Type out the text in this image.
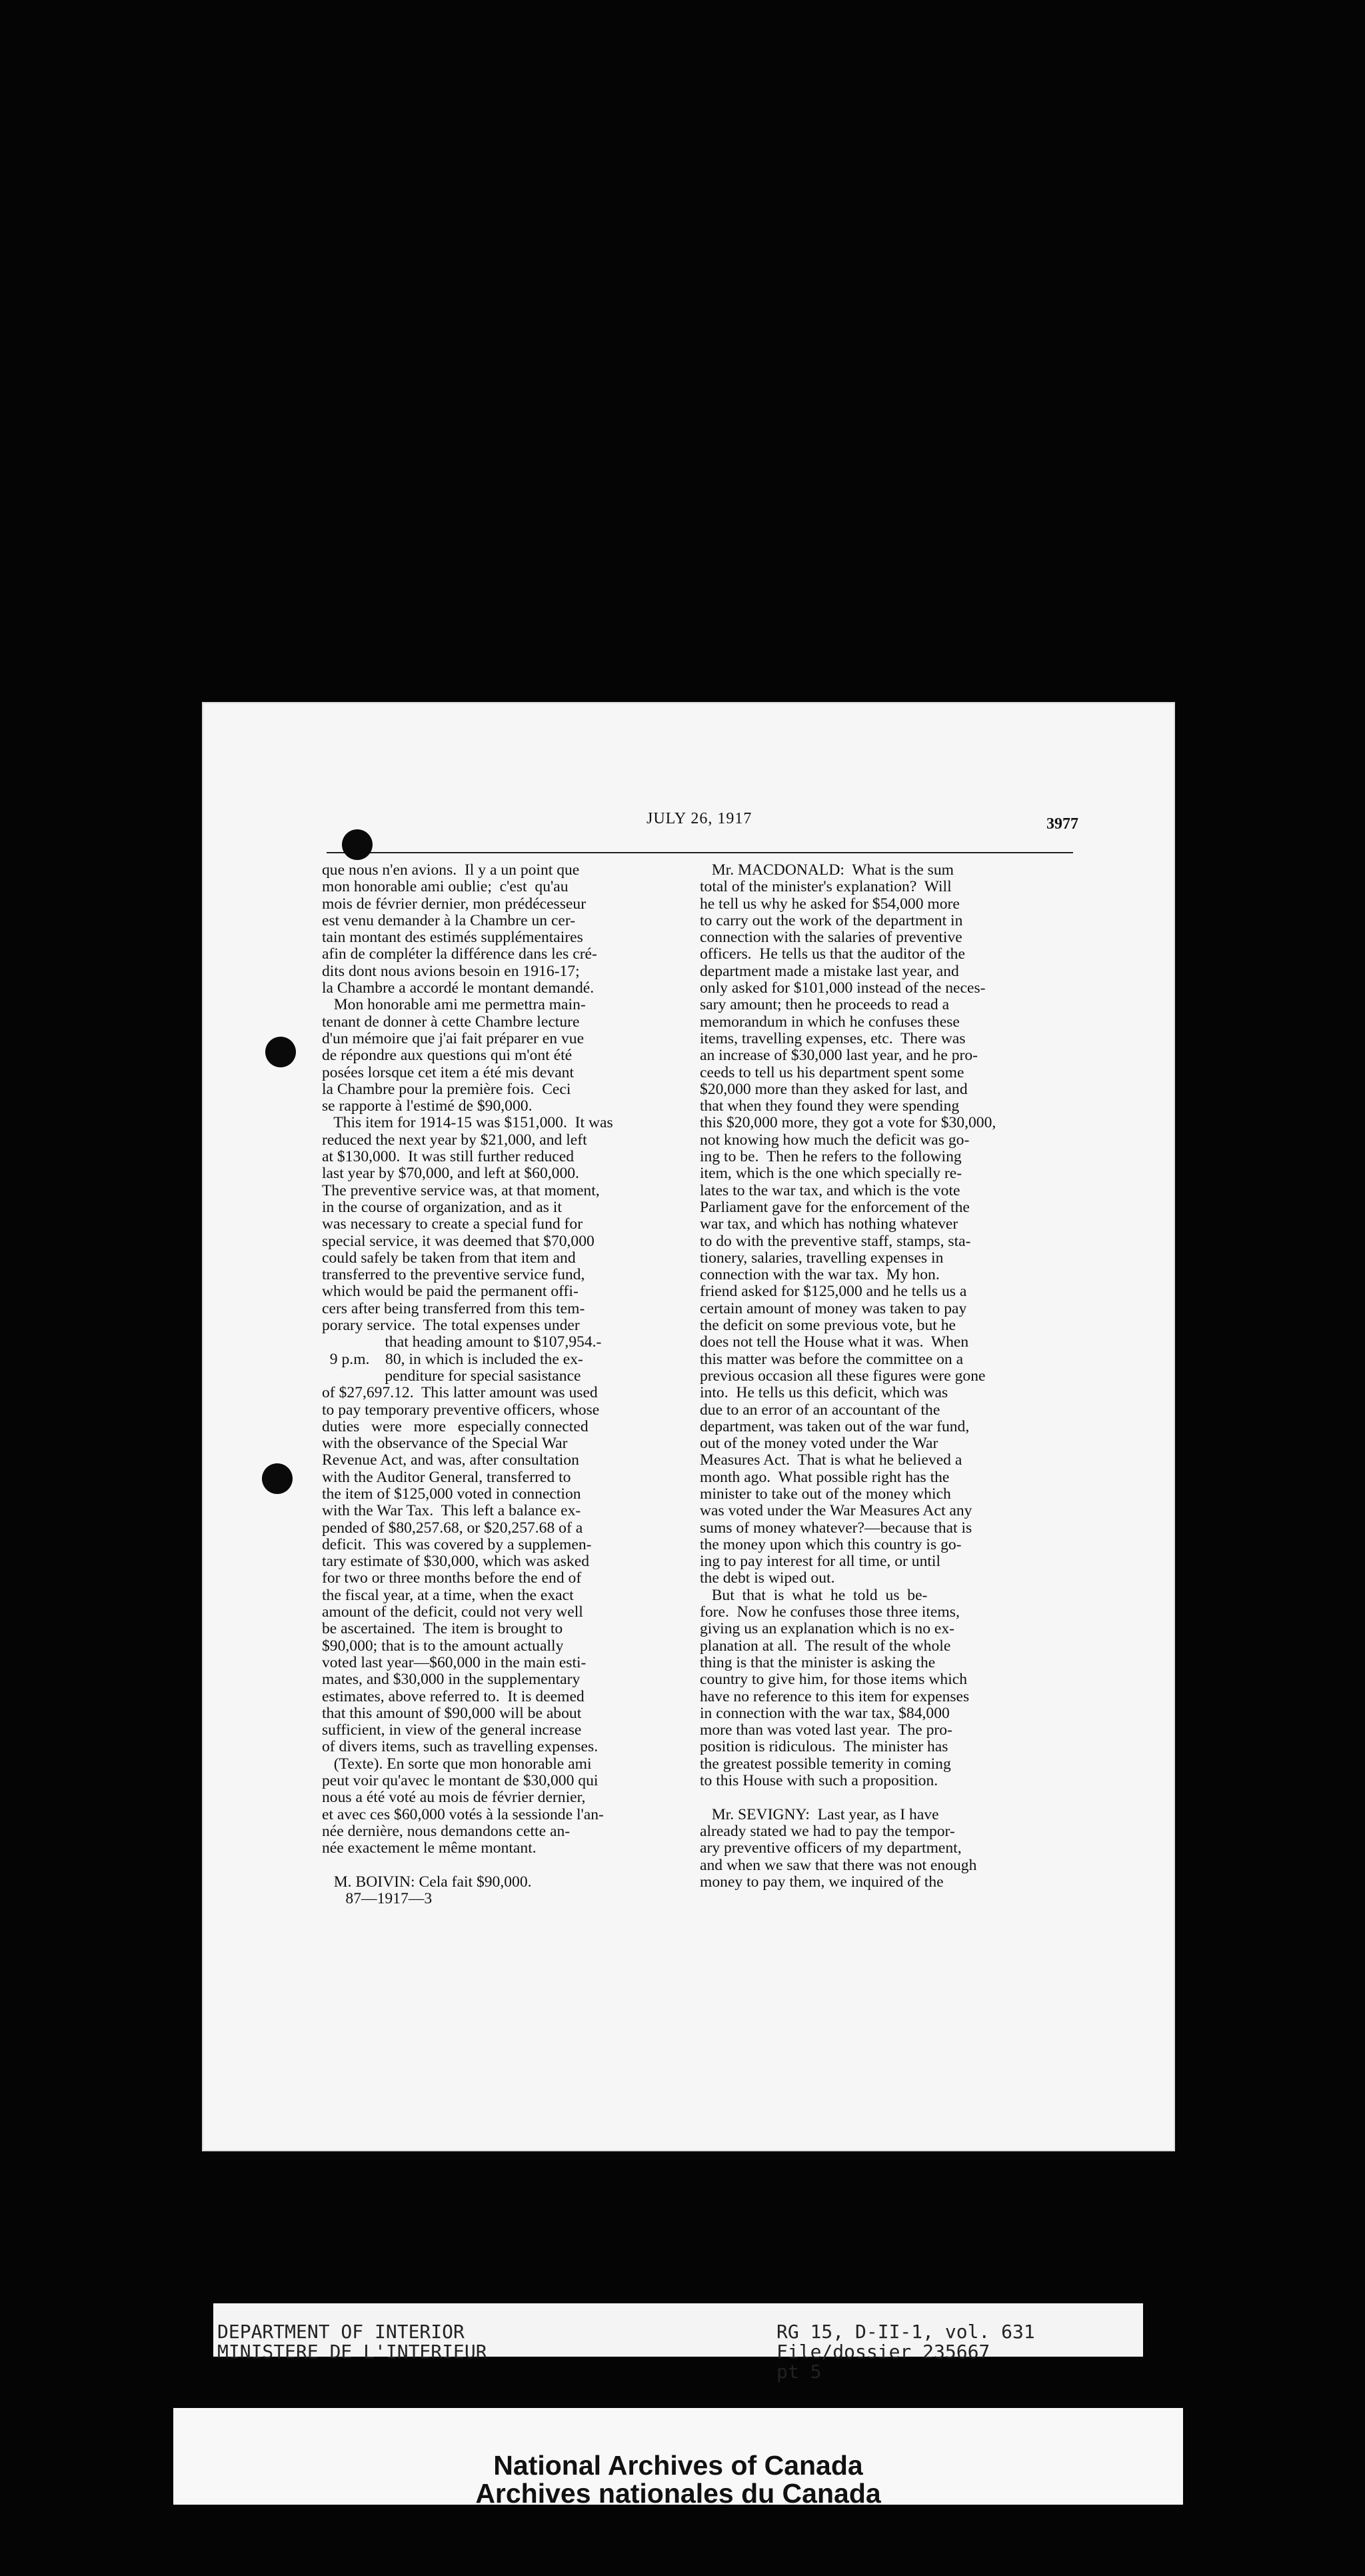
JULY 26, 1917	3977
que nous n'en avions.  Il y a un point que
mon honorable ami oublie;  c'est  qu'au
mois de février dernier, mon prédécesseur
est venu demander à la Chambre un cer-
tain montant des estimés supplémentaires
afin de compléter la différence dans les cré-
dits dont nous avions besoin en 1916-17;
la Chambre a accordé le montant demandé.
Mon honorable ami me permettra main-
tenant de donner à cette Chambre lecture
d'un mémoire que j'ai fait préparer en vue
de répondre aux questions qui m'ont été
posées lorsque cet item a été mis devant
la Chambre pour la première fois.  Ceci
se rapporte à l'estimé de $90,000.
This item for 1914-15 was $151,000.  It was
reduced the next year by $21,000, and left
at $130,000.  It was still further reduced
last year by $70,000, and left at $60,000.
The preventive service was, at that moment,
in the course of organization, and as it
was necessary to create a special fund for
special service, it was deemed that $70,000
could safely be taken from that item and
transferred to the preventive service fund,
which would be paid the permanent offi-
cers after being transferred from this tem-
porary service.  The total expenses under
that heading amount to $107,954.-
9 p.m.    80, in which is included the ex-
penditure for special sasistance
of $27,697.12.  This latter amount was used
to pay temporary preventive officers, whose
duties   were   more   especially connected
with the observance of the Special War
Revenue Act, and was, after consultation
with the Auditor General, transferred to
the item of $125,000 voted in connection
with the War Tax.  This left a balance ex-
pended of $80,257.68, or $20,257.68 of a
deficit.  This was covered by a supplemen-
tary estimate of $30,000, which was asked
for two or three months before the end of
the fiscal year, at a time, when the exact
amount of the deficit, could not very well
be ascertained.  The item is brought to
$90,000; that is to the amount actually
voted last year—$60,000 in the main esti-
mates, and $30,000 in the supplementary
estimates, above referred to.  It is deemed
that this amount of $90,000 will be about
sufficient, in view of the general increase
of divers items, such as travelling expenses.
(Texte). En sorte que mon honorable ami
peut voir qu'avec le montant de $30,000 qui
nous a été voté au mois de février dernier,
et avec ces $60,000 votés à la sessionde l'an-
née dernière, nous demandons cette an-
née exactement le même montant.
M. BOIVIN: Cela fait $90,000.
87—1917—3
Mr. MACDONALD:  What is the sum
total of the minister's explanation?  Will
he tell us why he asked for $54,000 more
to carry out the work of the department in
connection with the salaries of preventive
officers.  He tells us that the auditor of the
department made a mistake last year, and
only asked for $101,000 instead of the neces-
sary amount; then he proceeds to read a
memorandum in which he confuses these
items, travelling expenses, etc.  There was
an increase of $30,000 last year, and he pro-
ceeds to tell us his department spent some
$20,000 more than they asked for last, and
that when they found they were spending
this $20,000 more, they got a vote for $30,000,
not knowing how much the deficit was go-
ing to be.  Then he refers to the following
item, which is the one which specially re-
lates to the war tax, and which is the vote
Parliament gave for the enforcement of the
war tax, and which has nothing whatever
to do with the preventive staff, stamps, sta-
tionery, salaries, travelling expenses in
connection with the war tax.  My hon.
friend asked for $125,000 and he tells us a
certain amount of money was taken to pay
the deficit on some previous vote, but he
does not tell the House what it was.  When
this matter was before the committee on a
previous occasion all these figures were gone
into.  He tells us this deficit, which was
due to an error of an accountant of the
department, was taken out of the war fund,
out of the money voted under the War
Measures Act.  That is what he believed a
month ago.  What possible right has the
minister to take out of the money which
was voted under the War Measures Act any
sums of money whatever?—because that is
the money upon which this country is go-
ing to pay interest for all time, or until
the debt is wiped out.
But  that  is  what  he  told  us  be-
fore.  Now he confuses those three items,
giving us an explanation which is no ex-
planation at all.  The result of the whole
thing is that the minister is asking the
country to give him, for those items which
have no reference to this item for expenses
in connection with the war tax, $84,000
more than was voted last year.  The pro-
position is ridiculous.  The minister has
the greatest possible temerity in coming
to this House with such a proposition.
Mr. SEVIGNY:  Last year, as I have
already stated we had to pay the tempor-
ary preventive officers of my department,
and when we saw that there was not enough
money to pay them, we inquired of the
DEPARTMENT OF INTERIOR
MINISTERE DE L'INTERIEUR
RG 15, D-II-1, vol. 631
File/dossier 235667
pt 5
National Archives of Canada
Archives nationales du Canada
